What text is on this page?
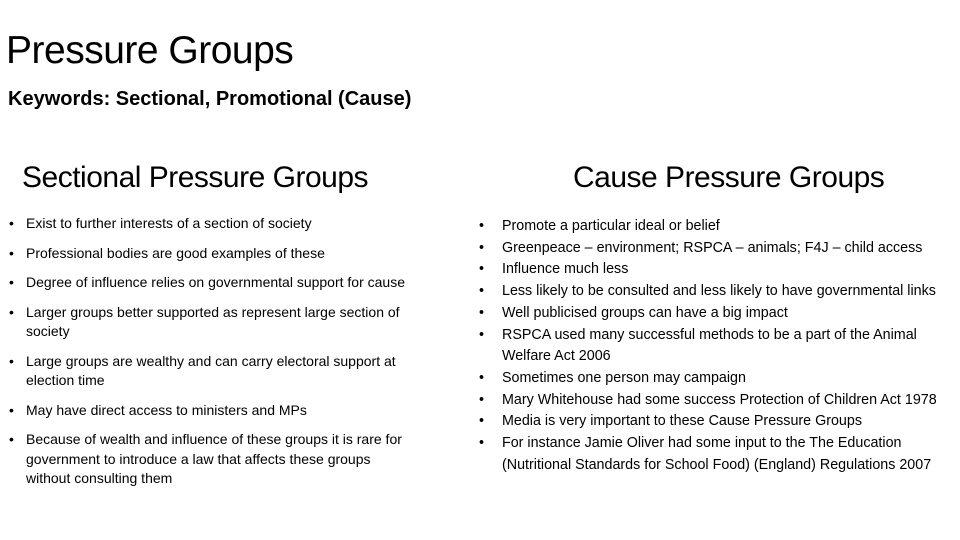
Pressure Groups
Keywords: Sectional, Promotional (Cause)
Sectional Pressure Groups	Cause Pressure Groups
• Exist to further interests of a section of society
• Professional bodies are good examples of these
• Degree of influence relies on governmental support for cause
• Larger groups better supported as represent large section of society
• Large groups are wealthy and can carry electoral support at election time
• May have direct access to ministers and MPs
• Because of wealth and influence of these groups it is rare for government to introduce a law that affects these groups without consulting them
• Promote a particular ideal or belief
• Greenpeace – environment; RSPCA – animals; F4J – child access
• Influence much less
• Less likely to be consulted and less likely to have governmental links
• Well publicised groups can have a big impact
• RSPCA used many successful methods to be a part of the Animal Welfare Act 2006
• Sometimes one person may campaign
• Mary Whitehouse had some success Protection of Children Act 1978
• Media is very important to these Cause Pressure Groups
• For instance Jamie Oliver had some input to the The Education (Nutritional Standards for School Food) (England) Regulations 2007
